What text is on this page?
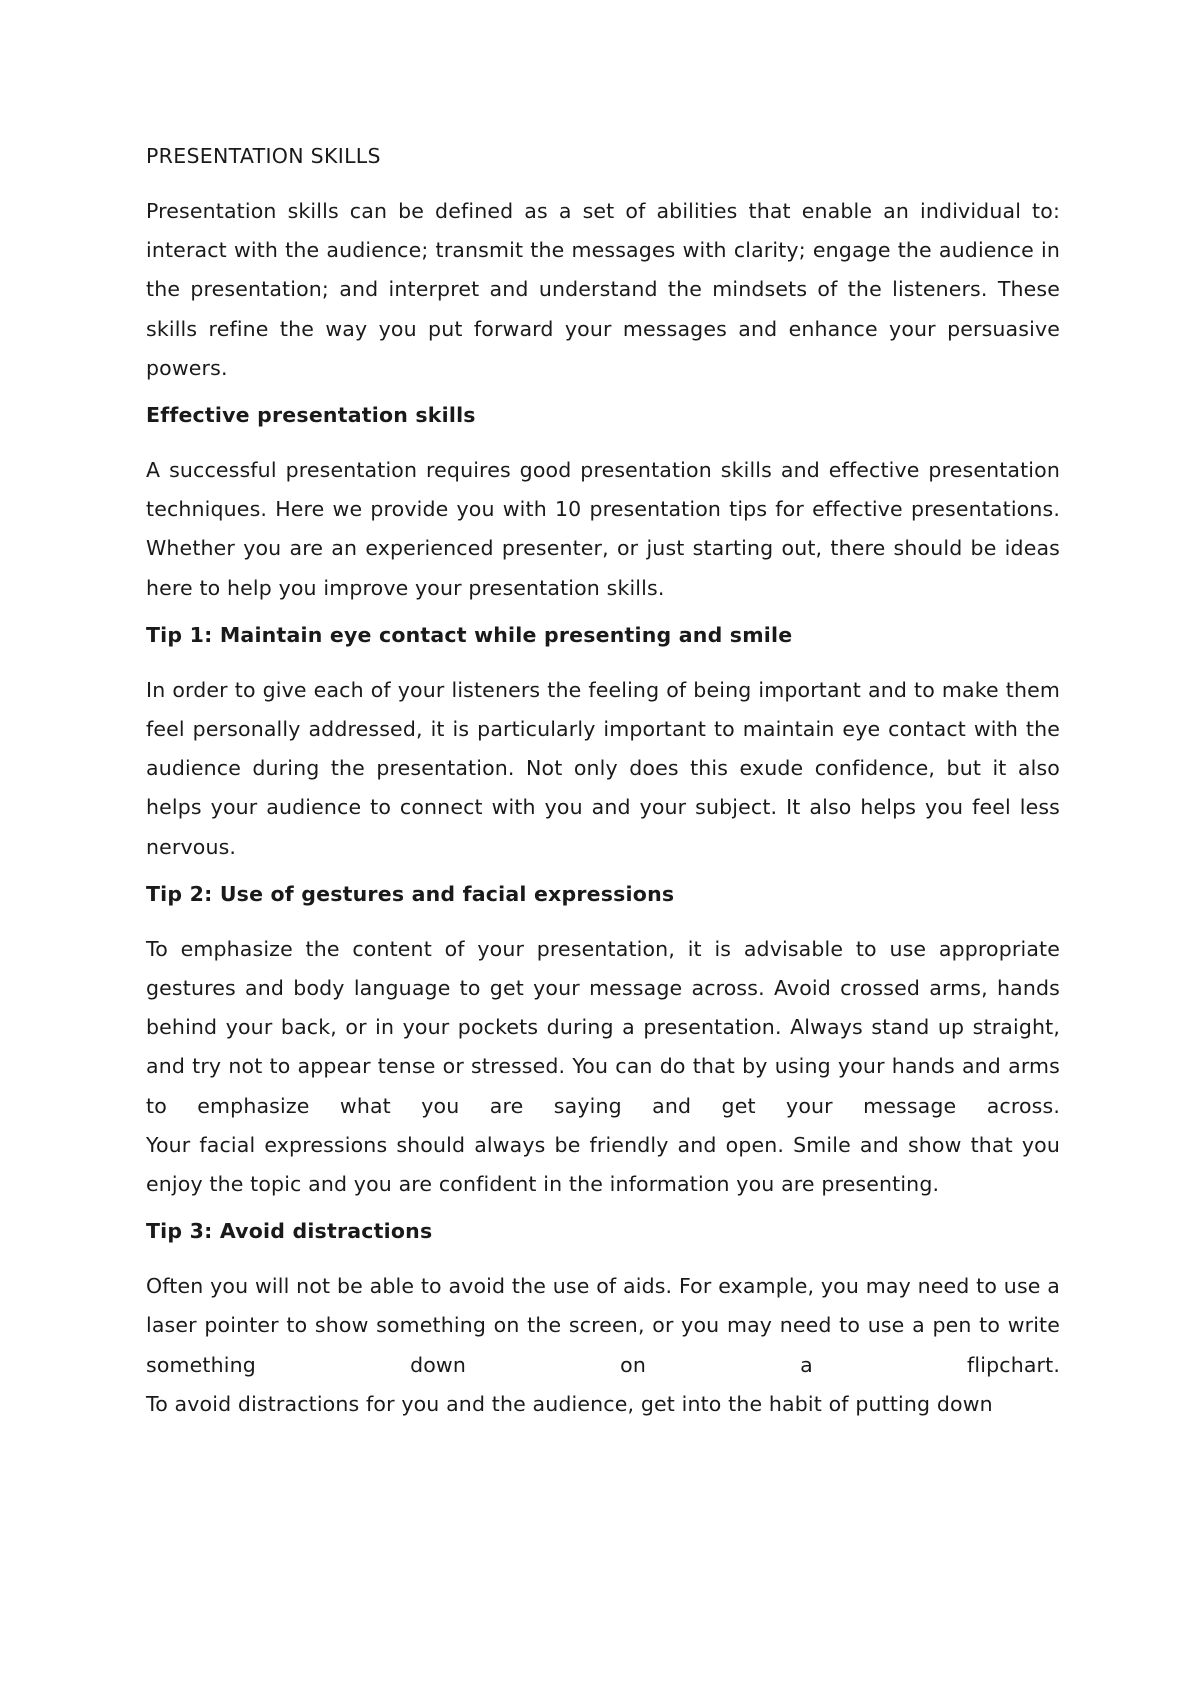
PRESENTATION SKILLS

Presentation skills can be defined as a set of abilities that enable an individual to: interact with the audience; transmit the messages with clarity; engage the audience in the presentation; and interpret and understand the mindsets of the listeners. These skills refine the way you put forward your messages and enhance your persuasive powers.

Effective presentation skills

A successful presentation requires good presentation skills and effective presentation techniques. Here we provide you with 10 presentation tips for effective presentations. Whether you are an experienced presenter, or just starting out, there should be ideas here to help you improve your presentation skills.

Tip 1: Maintain eye contact while presenting and smile

In order to give each of your listeners the feeling of being important and to make them feel personally addressed, it is particularly important to maintain eye contact with the audience during the presentation. Not only does this exude confidence, but it also helps your audience to connect with you and your subject. It also helps you feel less nervous.

Tip 2: Use of gestures and facial expressions

To emphasize the content of your presentation, it is advisable to use appropriate gestures and body language to get your message across. Avoid crossed arms, hands behind your back, or in your pockets during a presentation. Always stand up straight, and try not to appear tense or stressed. You can do that by using your hands and arms to emphasize what you are saying and get your message across.
Your facial expressions should always be friendly and open. Smile and show that you enjoy the topic and you are confident in the information you are presenting.

Tip 3: Avoid distractions

Often you will not be able to avoid the use of aids. For example, you may need to use a laser pointer to show something on the screen, or you may need to use a pen to write something down on a flipchart.
To avoid distractions for you and the audience, get into the habit of putting down
